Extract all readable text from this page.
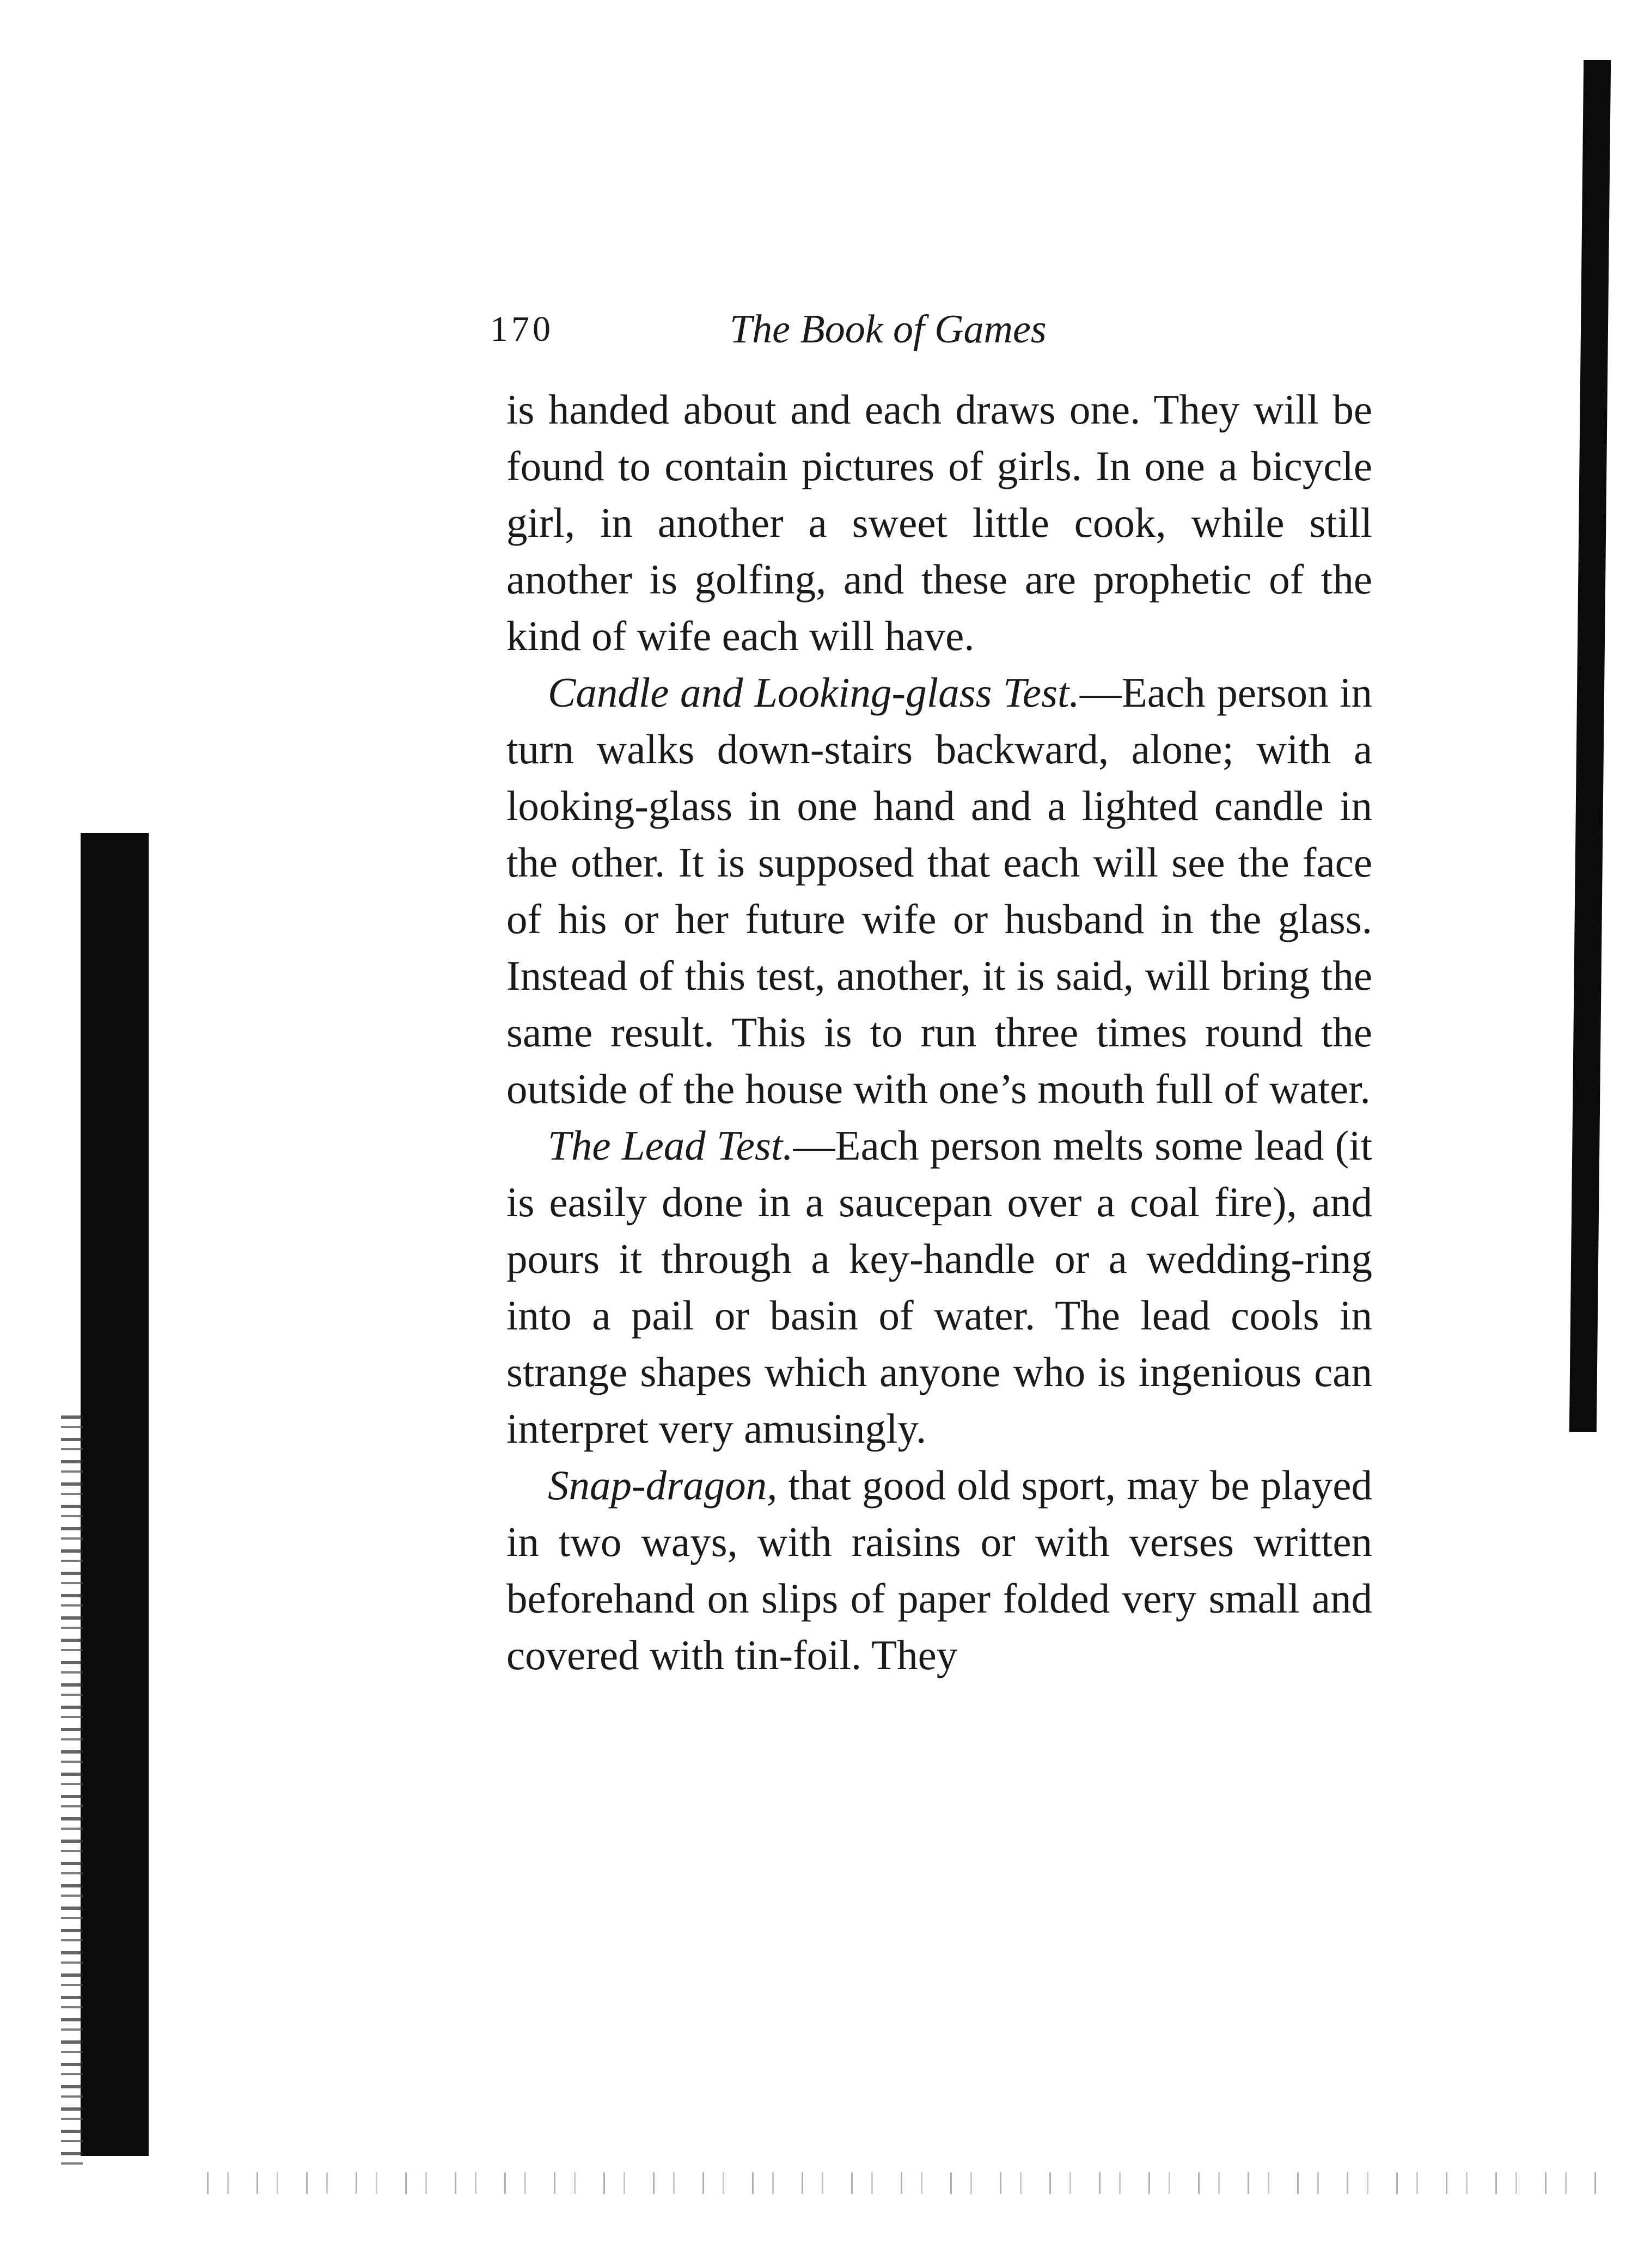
170	The Book of Games

is handed about and each draws one. They will be found to contain pictures of girls. In one a bicycle girl, in another a sweet little cook, while still another is golfing, and these are prophetic of the kind of wife each will have.

Candle and Looking-glass Test.—Each person in turn walks down-stairs backward, alone; with a looking-glass in one hand and a lighted candle in the other. It is supposed that each will see the face of his or her future wife or husband in the glass. Instead of this test, another, it is said, will bring the same result. This is to run three times round the outside of the house with one’s mouth full of water.

The Lead Test.—Each person melts some lead (it is easily done in a saucepan over a coal fire), and pours it through a key-handle or a wedding-ring into a pail or basin of water. The lead cools in strange shapes which anyone who is ingenious can interpret very amusingly.

Snap-dragon, that good old sport, may be played in two ways, with raisins or with verses written beforehand on slips of paper folded very small and covered with tin-foil. They
